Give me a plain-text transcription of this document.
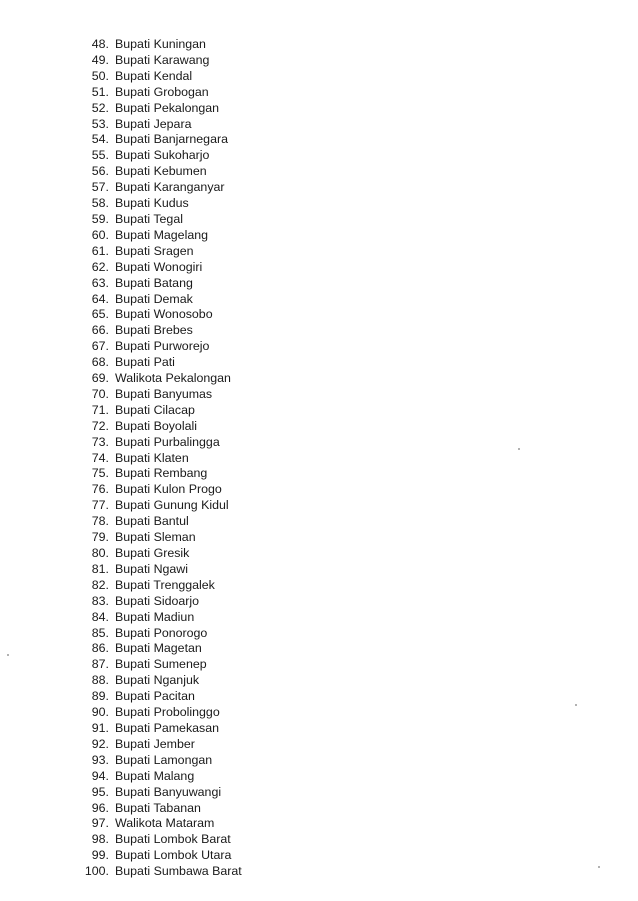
48. Bupati Kuningan
49. Bupati Karawang
50. Bupati Kendal
51. Bupati Grobogan
52. Bupati Pekalongan
53. Bupati Jepara
54. Bupati Banjarnegara
55. Bupati Sukoharjo
56. Bupati Kebumen
57. Bupati Karanganyar
58. Bupati Kudus
59. Bupati Tegal
60. Bupati Magelang
61. Bupati Sragen
62. Bupati Wonogiri
63. Bupati Batang
64. Bupati Demak
65. Bupati Wonosobo
66. Bupati Brebes
67. Bupati Purworejo
68. Bupati Pati
69. Walikota Pekalongan
70. Bupati Banyumas
71. Bupati Cilacap
72. Bupati Boyolali
73. Bupati Purbalingga
74. Bupati Klaten
75. Bupati Rembang
76. Bupati Kulon Progo
77. Bupati Gunung Kidul
78. Bupati Bantul
79. Bupati Sleman
80. Bupati Gresik
81. Bupati Ngawi
82. Bupati Trenggalek
83. Bupati Sidoarjo
84. Bupati Madiun
85. Bupati Ponorogo
86. Bupati Magetan
87. Bupati Sumenep
88. Bupati Nganjuk
89. Bupati Pacitan
90. Bupati Probolinggo
91. Bupati Pamekasan
92. Bupati Jember
93. Bupati Lamongan
94. Bupati Malang
95. Bupati Banyuwangi
96. Bupati Tabanan
97. Walikota Mataram
98. Bupati Lombok Barat
99. Bupati Lombok Utara
100. Bupati Sumbawa Barat
